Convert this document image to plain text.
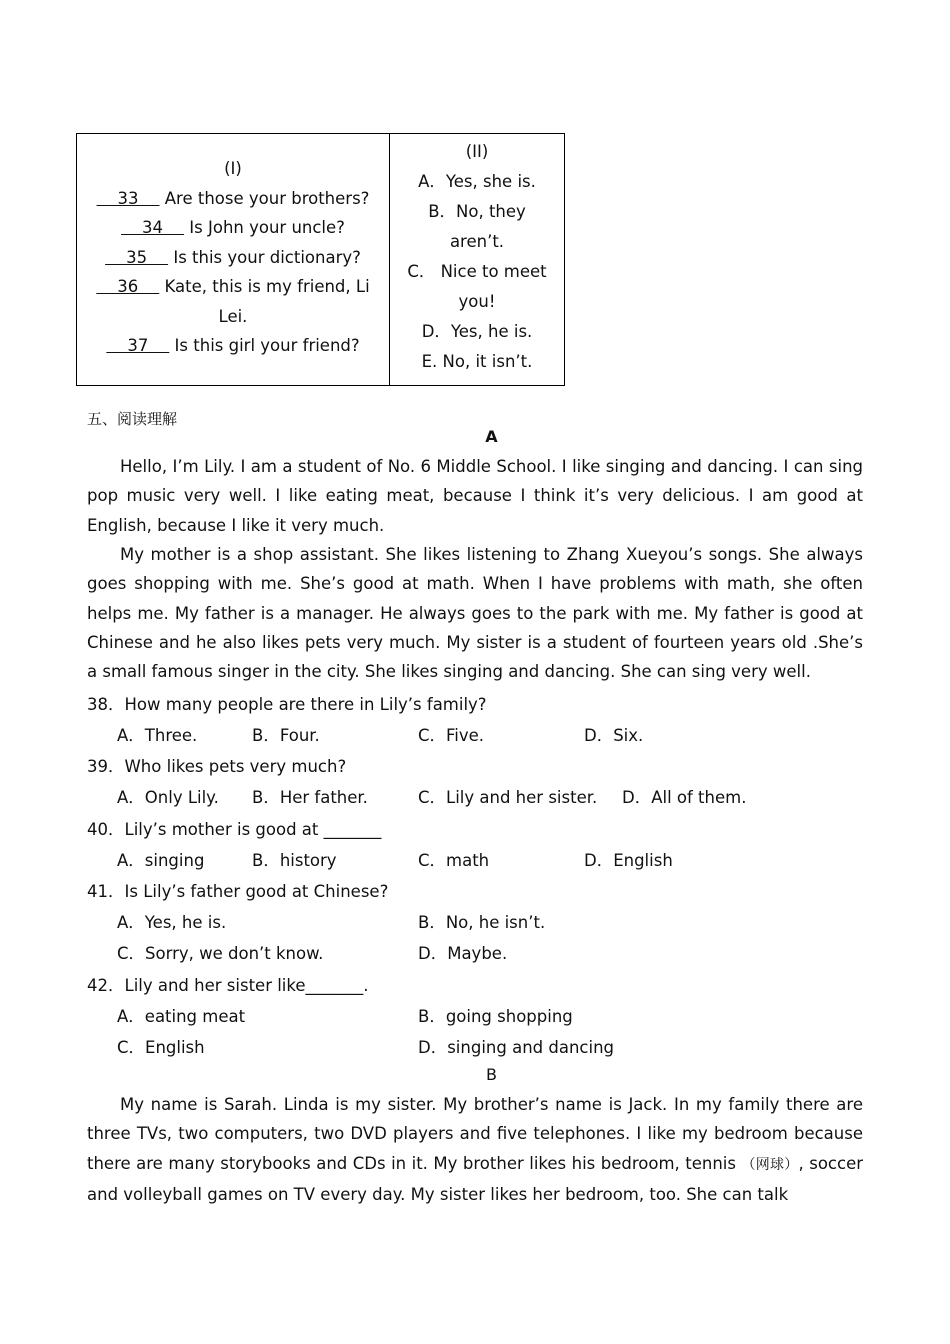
(I)
33     Are those your brothers?
34     Is John your uncle?
35     Is this your dictionary?
36     Kate, this is my friend, Li Lei.
37     Is this girl your friend?

(II)
A．Yes, she is.
B．No, they aren’t.
C． Nice to meet you!
D．Yes, he is.
E. No, it isn’t.
五、阅读理解
A

Hello, I’m Lily. I am a student of No. 6 Middle School. I like singing and dancing. I can sing pop music very well. I like eating meat, because I think it’s very delicious. I am good at English, because I like it very much.

My mother is a shop assistant. She likes listening to Zhang Xueyou’s songs. She always goes shopping with me. She’s good at math. When I have problems with math, she often helps me. My father is a manager. He always goes to the park with me. My father is good at Chinese and he also likes pets very much. My sister is a student of fourteen years old .She’s a small famous singer in the city. She likes singing and dancing. She can sing very well.

38．How many people are there in Lily’s family?
A．Three.	B．Four.	C．Five.	D．Six.
39．Who likes pets very much?
A．Only Lily. B．Her father.	C．Lily and her sister. D．All of them.
40．Lily’s mother is good at _______
A．singing	B．history	C．math	D．English
41．Is Lily’s father good at Chinese?
A．Yes, he is.	B．No, he isn’t.
C．Sorry, we don’t know.	D．Maybe.
42．Lily and her sister like_______.
A．eating meat	B．going shopping
C．English	D．singing and dancing
B

My name is Sarah. Linda is my sister. My brother’s name is Jack. In my family there are three TVs, two computers, two DVD players and five telephones. I like my bedroom because there are many storybooks and CDs in it. My brother likes his bedroom, tennis （网球）, soccer and volleyball games on TV every day. My sister likes her bedroom, too. She can talk
